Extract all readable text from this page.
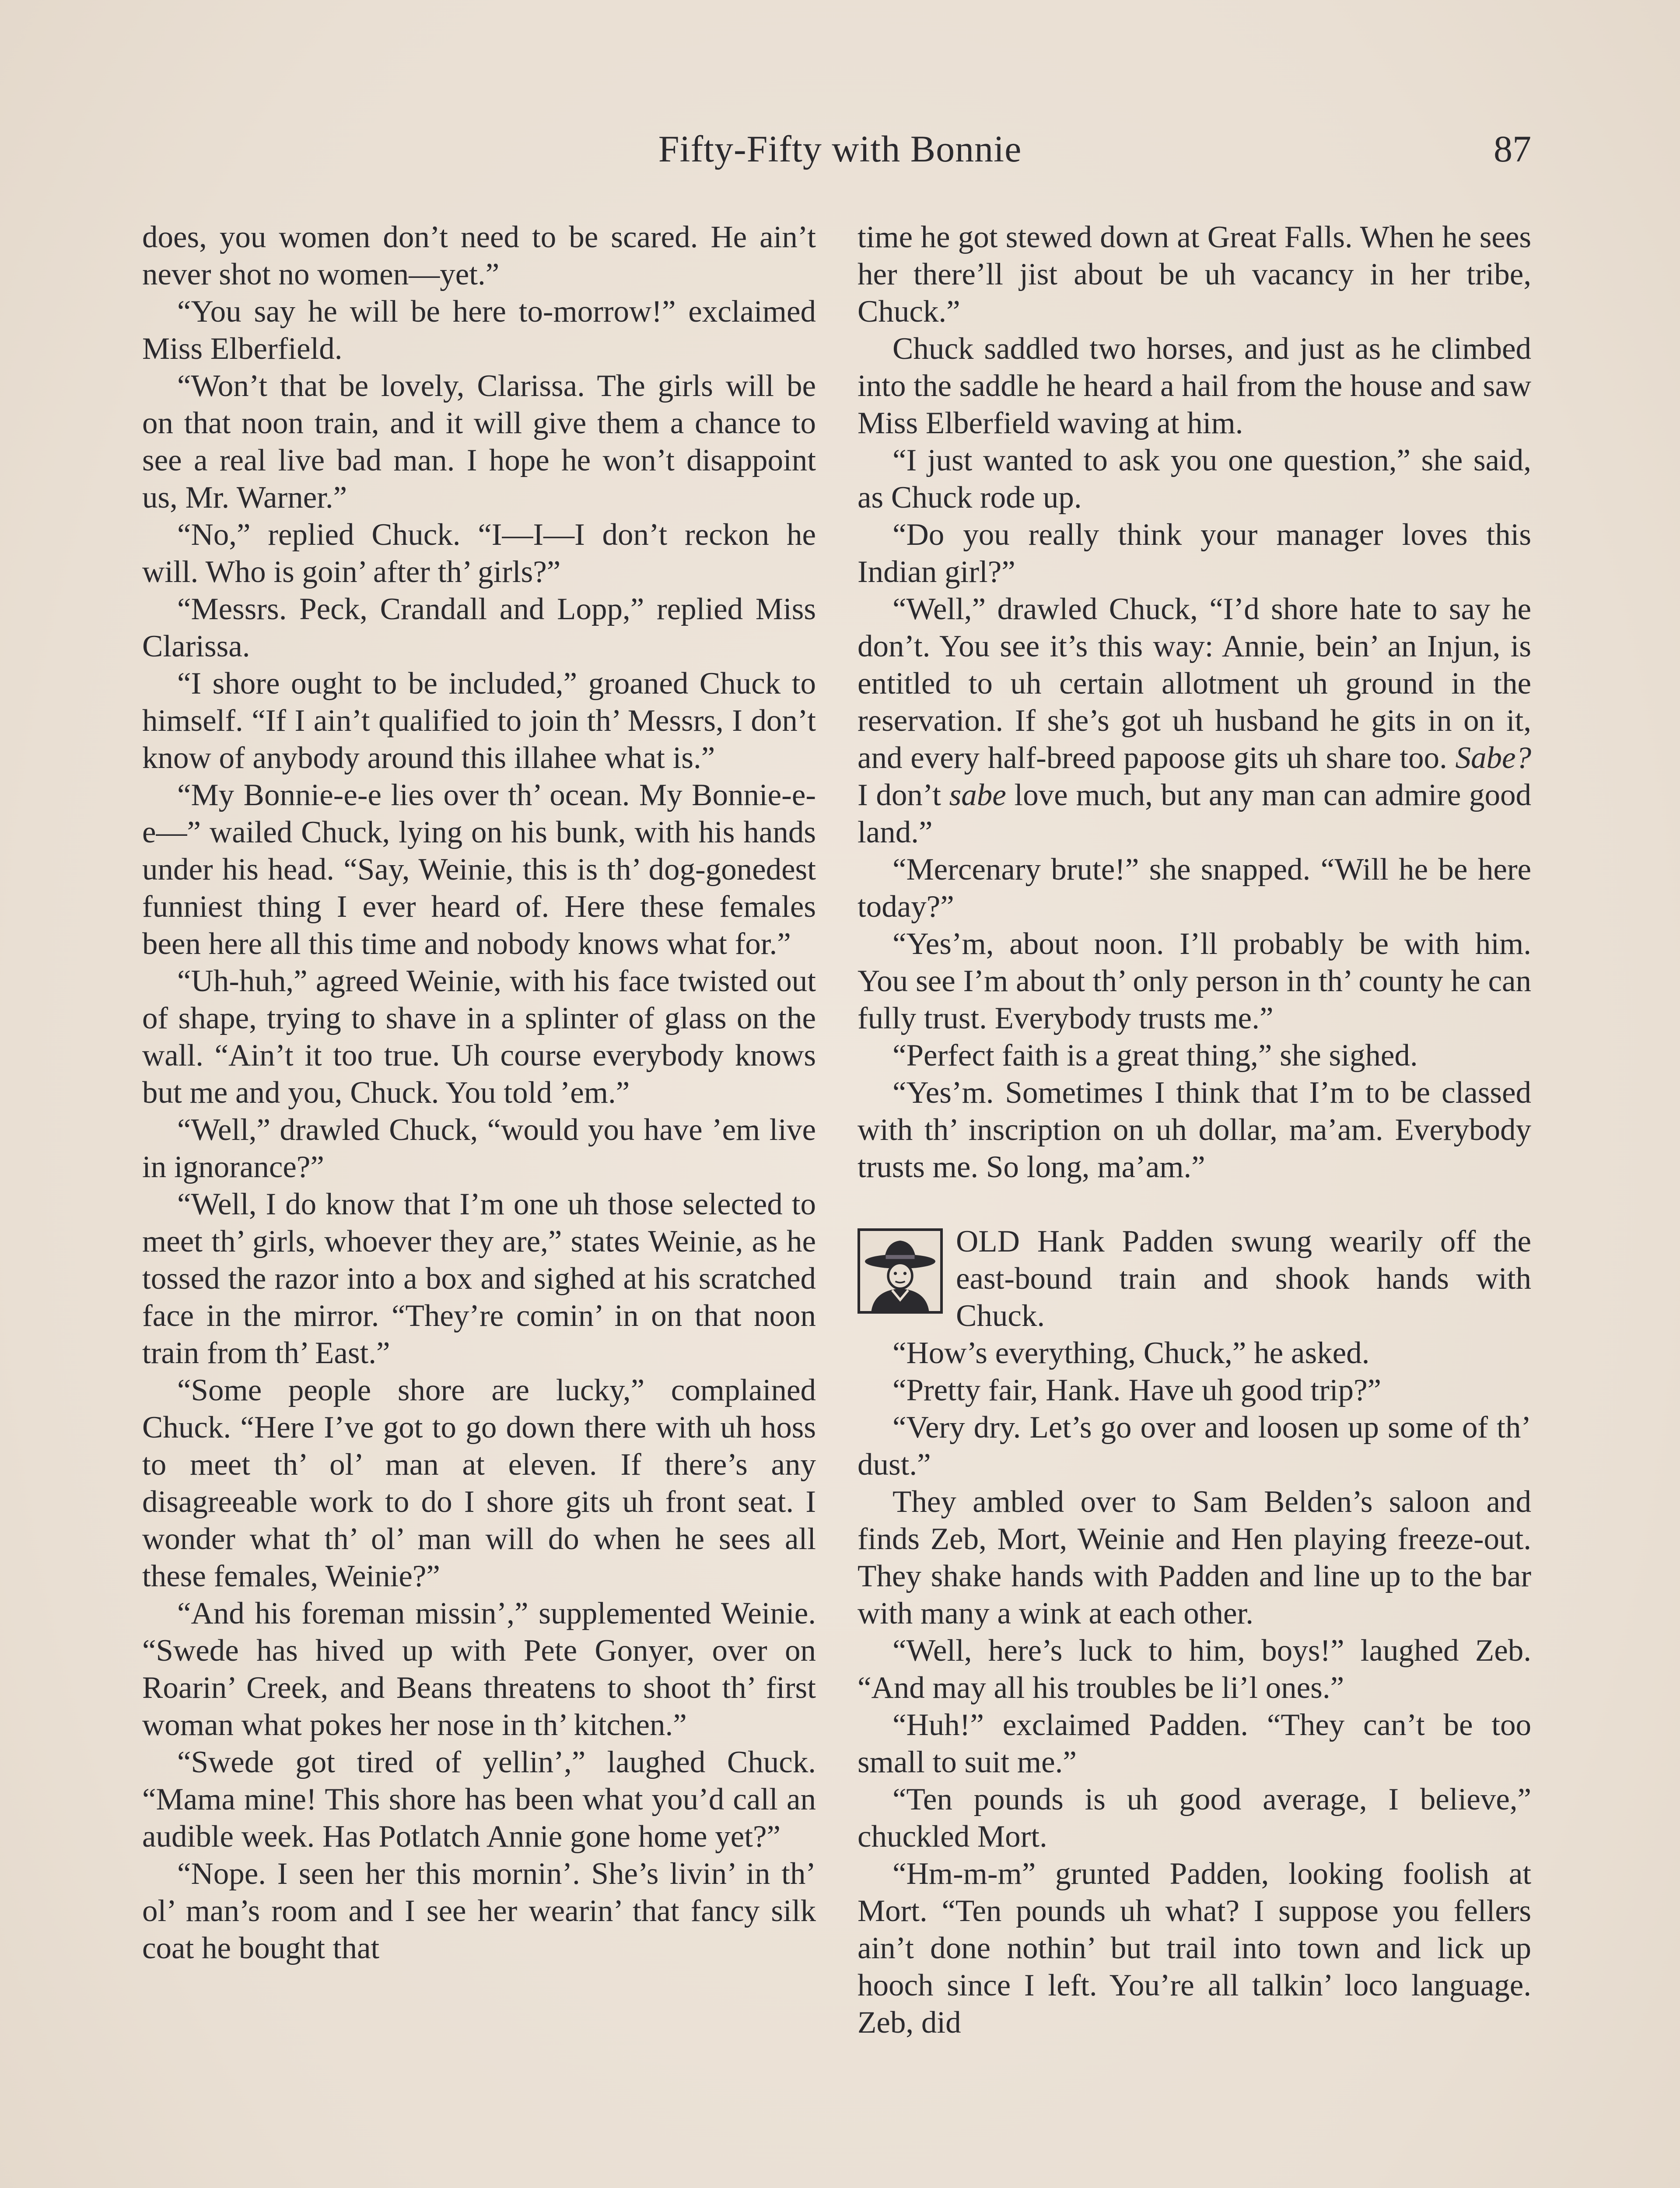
Fifty-Fifty with Bonnie	87

does, you women don’t need to be scared. He ain’t never shot no women—yet.”

“You say he will be here to-morrow!” exclaimed Miss Elberfield.

“Won’t that be lovely, Clarissa. The girls will be on that noon train, and it will give them a chance to see a real live bad man. I hope he won’t disappoint us, Mr. Warner.”

“No,” replied Chuck. “I—I—I don’t reckon he will. Who is goin’ after th’ girls?”

“Messrs. Peck, Crandall and Lopp,” replied Miss Clarissa.

“I shore ought to be included,” groaned Chuck to himself. “If I ain’t qualified to join th’ Messrs, I don’t know of anybody around this illahee what is.”

“My Bonnie-e-e lies over th’ ocean. My Bonnie-e-e—” wailed Chuck, lying on his bunk, with his hands under his head. “Say, Weinie, this is th’ dog-gonedest funniest thing I ever heard of. Here these females been here all this time and nobody knows what for.”

“Uh-huh,” agreed Weinie, with his face twisted out of shape, trying to shave in a splinter of glass on the wall. “Ain’t it too true. Uh course everybody knows but me and you, Chuck. You told ’em.”

“Well,” drawled Chuck, “would you have ’em live in ignorance?”

“Well, I do know that I’m one uh those selected to meet th’ girls, whoever they are,” states Weinie, as he tossed the razor into a box and sighed at his scratched face in the mirror. “They’re comin’ in on that noon train from th’ East.”

“Some people shore are lucky,” complained Chuck. “Here I’ve got to go down there with uh hoss to meet th’ ol’ man at eleven. If there’s any disagreeable work to do I shore gits uh front seat. I wonder what th’ ol’ man will do when he sees all these females, Weinie?”

“And his foreman missin’,” supplemented Weinie. “Swede has hived up with Pete Gonyer, over on Roarin’ Creek, and Beans threatens to shoot th’ first woman what pokes her nose in th’ kitchen.”

“Swede got tired of yellin’,” laughed Chuck. “Mama mine! This shore has been what you’d call an audible week. Has Potlatch Annie gone home yet?”

“Nope. I seen her this mornin’. She’s livin’ in th’ ol’ man’s room and I see her wearin’ that fancy silk coat he bought that

time he got stewed down at Great Falls. When he sees her there’ll jist about be uh vacancy in her tribe, Chuck.”

Chuck saddled two horses, and just as he climbed into the saddle he heard a hail from the house and saw Miss Elberfield waving at him.

“I just wanted to ask you one question,” she said, as Chuck rode up.

“Do you really think your manager loves this Indian girl?”

“Well,” drawled Chuck, “I’d shore hate to say he don’t. You see it’s this way: Annie, bein’ an Injun, is entitled to uh certain allotment uh ground in the reservation. If she’s got uh husband he gits in on it, and every half-breed papoose gits uh share too. Sabe? I don’t sabe love much, but any man can admire good land.”

“Mercenary brute!” she snapped. “Will he be here today?”

“Yes’m, about noon. I’ll probably be with him. You see I’m about th’ only person in th’ county he can fully trust. Everybody trusts me.”

“Perfect faith is a great thing,” she sighed.

“Yes’m. Sometimes I think that I’m to be classed with th’ inscription on uh dollar, ma’am. Everybody trusts me. So long, ma’am.”

OLD Hank Padden swung wearily off the east-bound train and shook hands with Chuck.

“How’s everything, Chuck,” he asked.

“Pretty fair, Hank. Have uh good trip?”

“Very dry. Let’s go over and loosen up some of th’ dust.”

They ambled over to Sam Belden’s saloon and finds Zeb, Mort, Weinie and Hen playing freeze-out. They shake hands with Padden and line up to the bar with many a wink at each other.

“Well, here’s luck to him, boys!” laughed Zeb. “And may all his troubles be li’l ones.”

“Huh!” exclaimed Padden. “They can’t be too small to suit me.”

“Ten pounds is uh good average, I believe,” chuckled Mort.

“Hm-m-m” grunted Padden, looking foolish at Mort. “Ten pounds uh what? I suppose you fellers ain’t done nothin’ but trail into town and lick up hooch since I left. You’re all talkin’ loco language. Zeb, did
